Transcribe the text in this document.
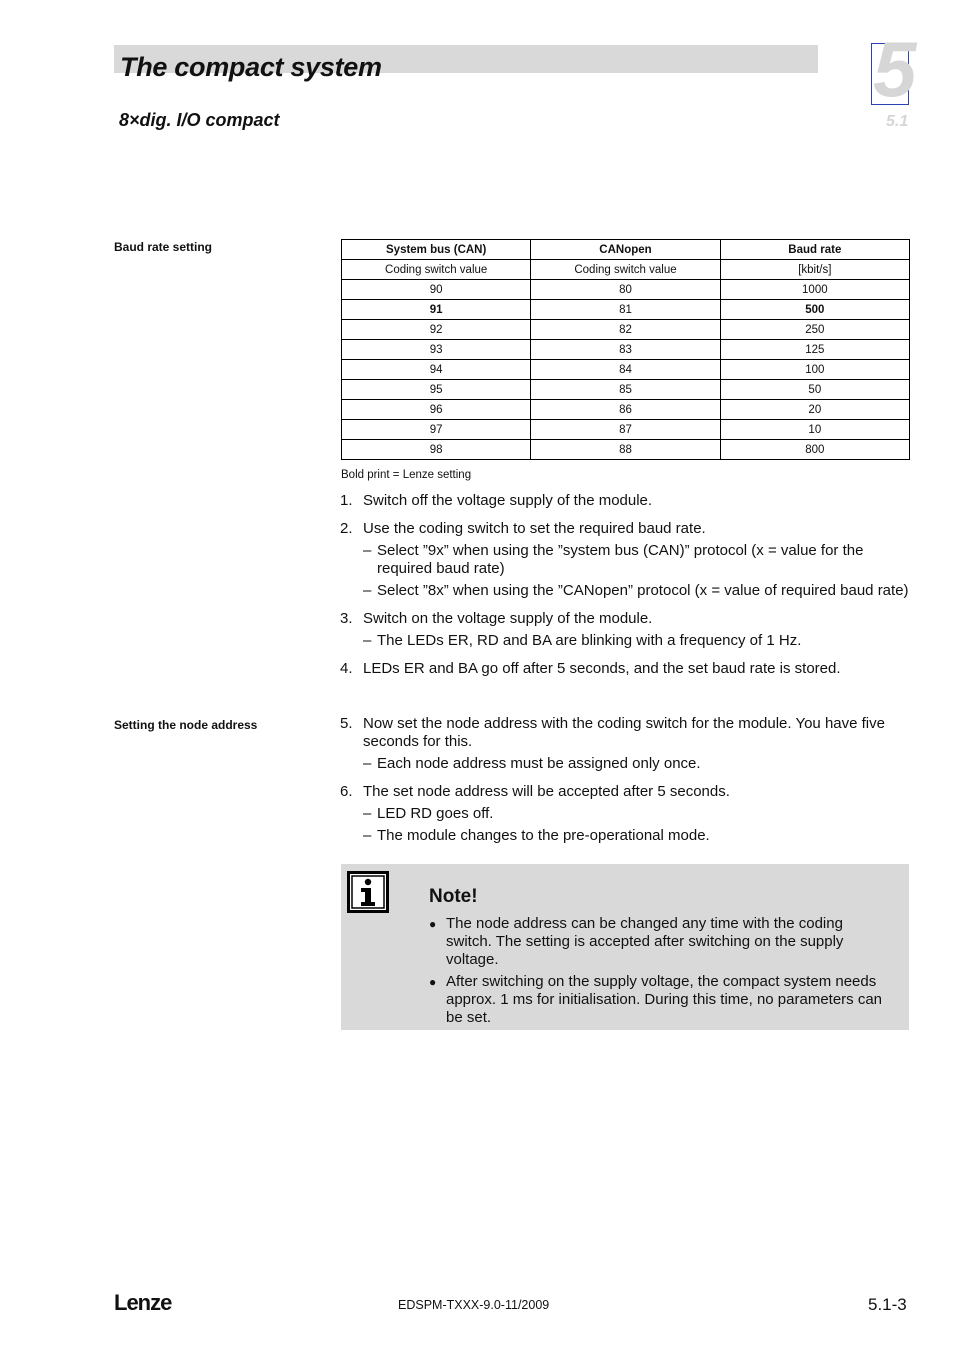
The compact system
8×dig. I/O compact
5
5.1
Baud rate setting	System bus (CAN)	CANopen	Baud rate
Coding switch value	Coding switch value	[kbit/s]
90	80	1000
91	81	500
92	82	250
93	83	125
94	84	100
95	85	50
96	86	20
97	87	10
98	88	800
Bold print = Lenze setting
1. Switch off the voltage supply of the module.
2. Use the coding switch to set the required baud rate.
– Select ”9x” when using the ”system bus (CAN)” protocol (x = value for the required baud rate)
– Select ”8x” when using the ”CANopen” protocol (x = value of required baud rate)
3. Switch on the voltage supply of the module.
– The LEDs ER, RD and BA are blinking with a frequency of 1 Hz.
4. LEDs ER and BA go off after 5 seconds, and the set baud rate is stored.
Setting the node address	5. Now set the node address with the coding switch for the module. You have five seconds for this.
– Each node address must be assigned only once.
6. The set node address will be accepted after 5 seconds.
– LED RD goes off.
– The module changes to the pre-operational mode.
Note!
● The node address can be changed any time with the coding switch. The setting is accepted after switching on the supply voltage.
● After switching on the supply voltage, the compact system needs approx. 1 ms for initialisation. During this time, no parameters can be set.
Lenze	EDSPM-TXXX-9.0-11/2009	5.1-3
